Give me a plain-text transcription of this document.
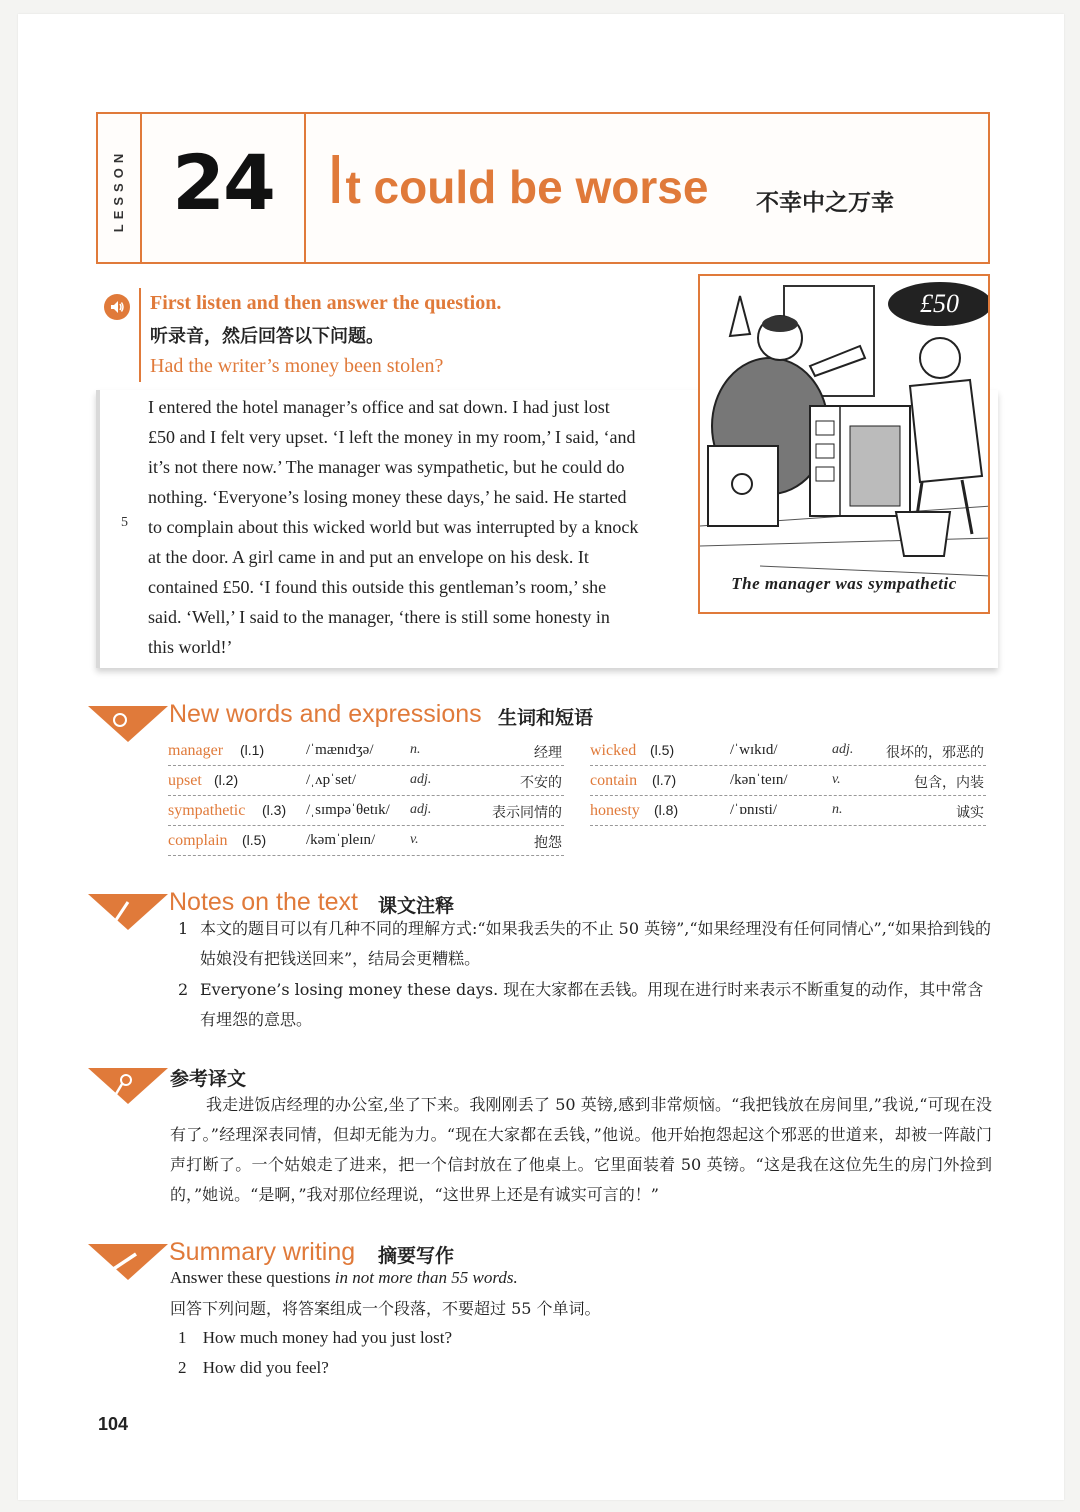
LESSON 24 I t could be worse 不幸中之万幸
First listen and then answer the question.
听录音，然后回答以下问题。
Had the writer’s money been stolen?
I entered the hotel manager’s office and sat down. I had just lost
£50 and I felt very upset. ‘I left the money in my room,’ I said, ‘and
it’s not there now.’ The manager was sympathetic, but he could do
nothing. ‘Everyone’s losing money these days,’ he said. He started
to complain about this wicked world but was interrupted by a knock
at the door. A girl came in and put an envelope on his desk. It
contained £50. ‘I found this outside this gentleman’s room,’ she
said. ‘Well,’ I said to the manager, ‘there is still some honesty in
this world!’
5
£50
The manager was sympathetic
New words and expressions 生词和短语
manager (l.1)	/ˈmænɪdʒə/	n.	经理
upset (l.2)	/ˌʌpˈset/	adj.	不安的
sympathetic (l.3) /ˌsɪmpəˈθetɪk/ adj.	表示同情的
complain (l.5)	/kəmˈpleɪn/ v.	抱怨
wicked (l.5)	/ˈwɪkɪd/	adj. 很坏的，邪恶的
contain (l.7)	/kənˈteɪn/	v.	包含，内装
honesty (l.8)	/ˈɒnɪsti/	n.	诚实
Notes on the text 课文注释
1 本文的题目可以有几种不同的理解方式:“如果我丢失的不止 50 英镑”,“如果经理没有任何同情心”,“如果拾到钱的姑娘没有把钱送回来”，结局会更糟糕。
2 Everyone’s losing money these days. 现在大家都在丢钱。用现在进行时来表示不断重复的动作，其中常含有埋怨的意思。
参考译文
我走进饭店经理的办公室,坐了下来。我刚刚丢了 50 英镑,感到非常烦恼。“我把钱放在房间里,”我说,“可现在没有了。”经理深表同情，但却无能为力。“现在大家都在丢钱，”他说。他开始抱怨起这个邪恶的世道来，却被一阵敲门声打断了。一个姑娘走了进来，把一个信封放在了他桌上。它里面装着 50 英镑。“这是我在这位先生的房门外捡到的，”她说。“是啊，”我对那位经理说，“这世界上还是有诚实可言的！”
Summary writing 摘要写作
Answer these questions in not more than 55 words.
回答下列问题，将答案组成一个段落，不要超过 55 个单词。
1 How much money had you just lost?
2 How did you feel?
104
